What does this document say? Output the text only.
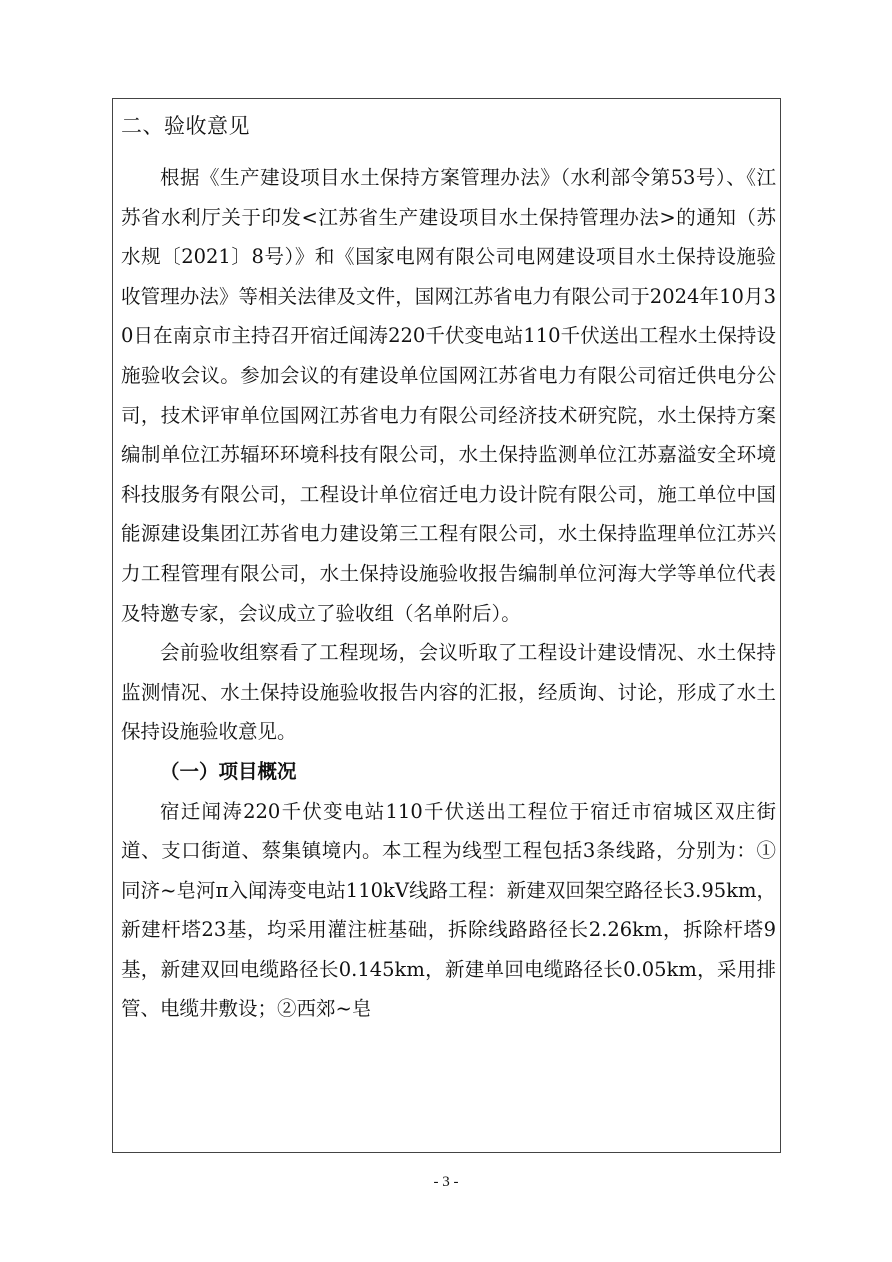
二、验收意见

根据《生产建设项目水土保持方案管理办法》（水利部令第53号）、《江苏省水利厅关于印发<江苏省生产建设项目水土保持管理办法>的通知（苏水规〔2021〕8号）》和《国家电网有限公司电网建设项目水土保持设施验收管理办法》等相关法律及文件，国网江苏省电力有限公司于2024年10月30日在南京市主持召开宿迁闻涛220千伏变电站110千伏送出工程水土保持设施验收会议。参加会议的有建设单位国网江苏省电力有限公司宿迁供电分公司，技术评审单位国网江苏省电力有限公司经济技术研究院，水土保持方案编制单位江苏辐环环境科技有限公司，水土保持监测单位江苏嘉溢安全环境科技服务有限公司，工程设计单位宿迁电力设计院有限公司，施工单位中国能源建设集团江苏省电力建设第三工程有限公司，水土保持监理单位江苏兴力工程管理有限公司，水土保持设施验收报告编制单位河海大学等单位代表及特邀专家，会议成立了验收组（名单附后）。

会前验收组察看了工程现场，会议听取了工程设计建设情况、水土保持监测情况、水土保持设施验收报告内容的汇报，经质询、讨论，形成了水土保持设施验收意见。

（一）项目概况

宿迁闻涛220千伏变电站110千伏送出工程位于宿迁市宿城区双庄街道、支口街道、蔡集镇境内。本工程为线型工程包括3条线路，分别为：①同济~皂河π入闻涛变电站110kV线路工程：新建双回架空路径长3.95km，新建杆塔23基，均采用灌注桩基础，拆除线路路径长2.26km，拆除杆塔9基，新建双回电缆路径长0.145km，新建单回电缆路径长0.05km，采用排管、电缆井敷设；②西郊~皂

- 3 -
